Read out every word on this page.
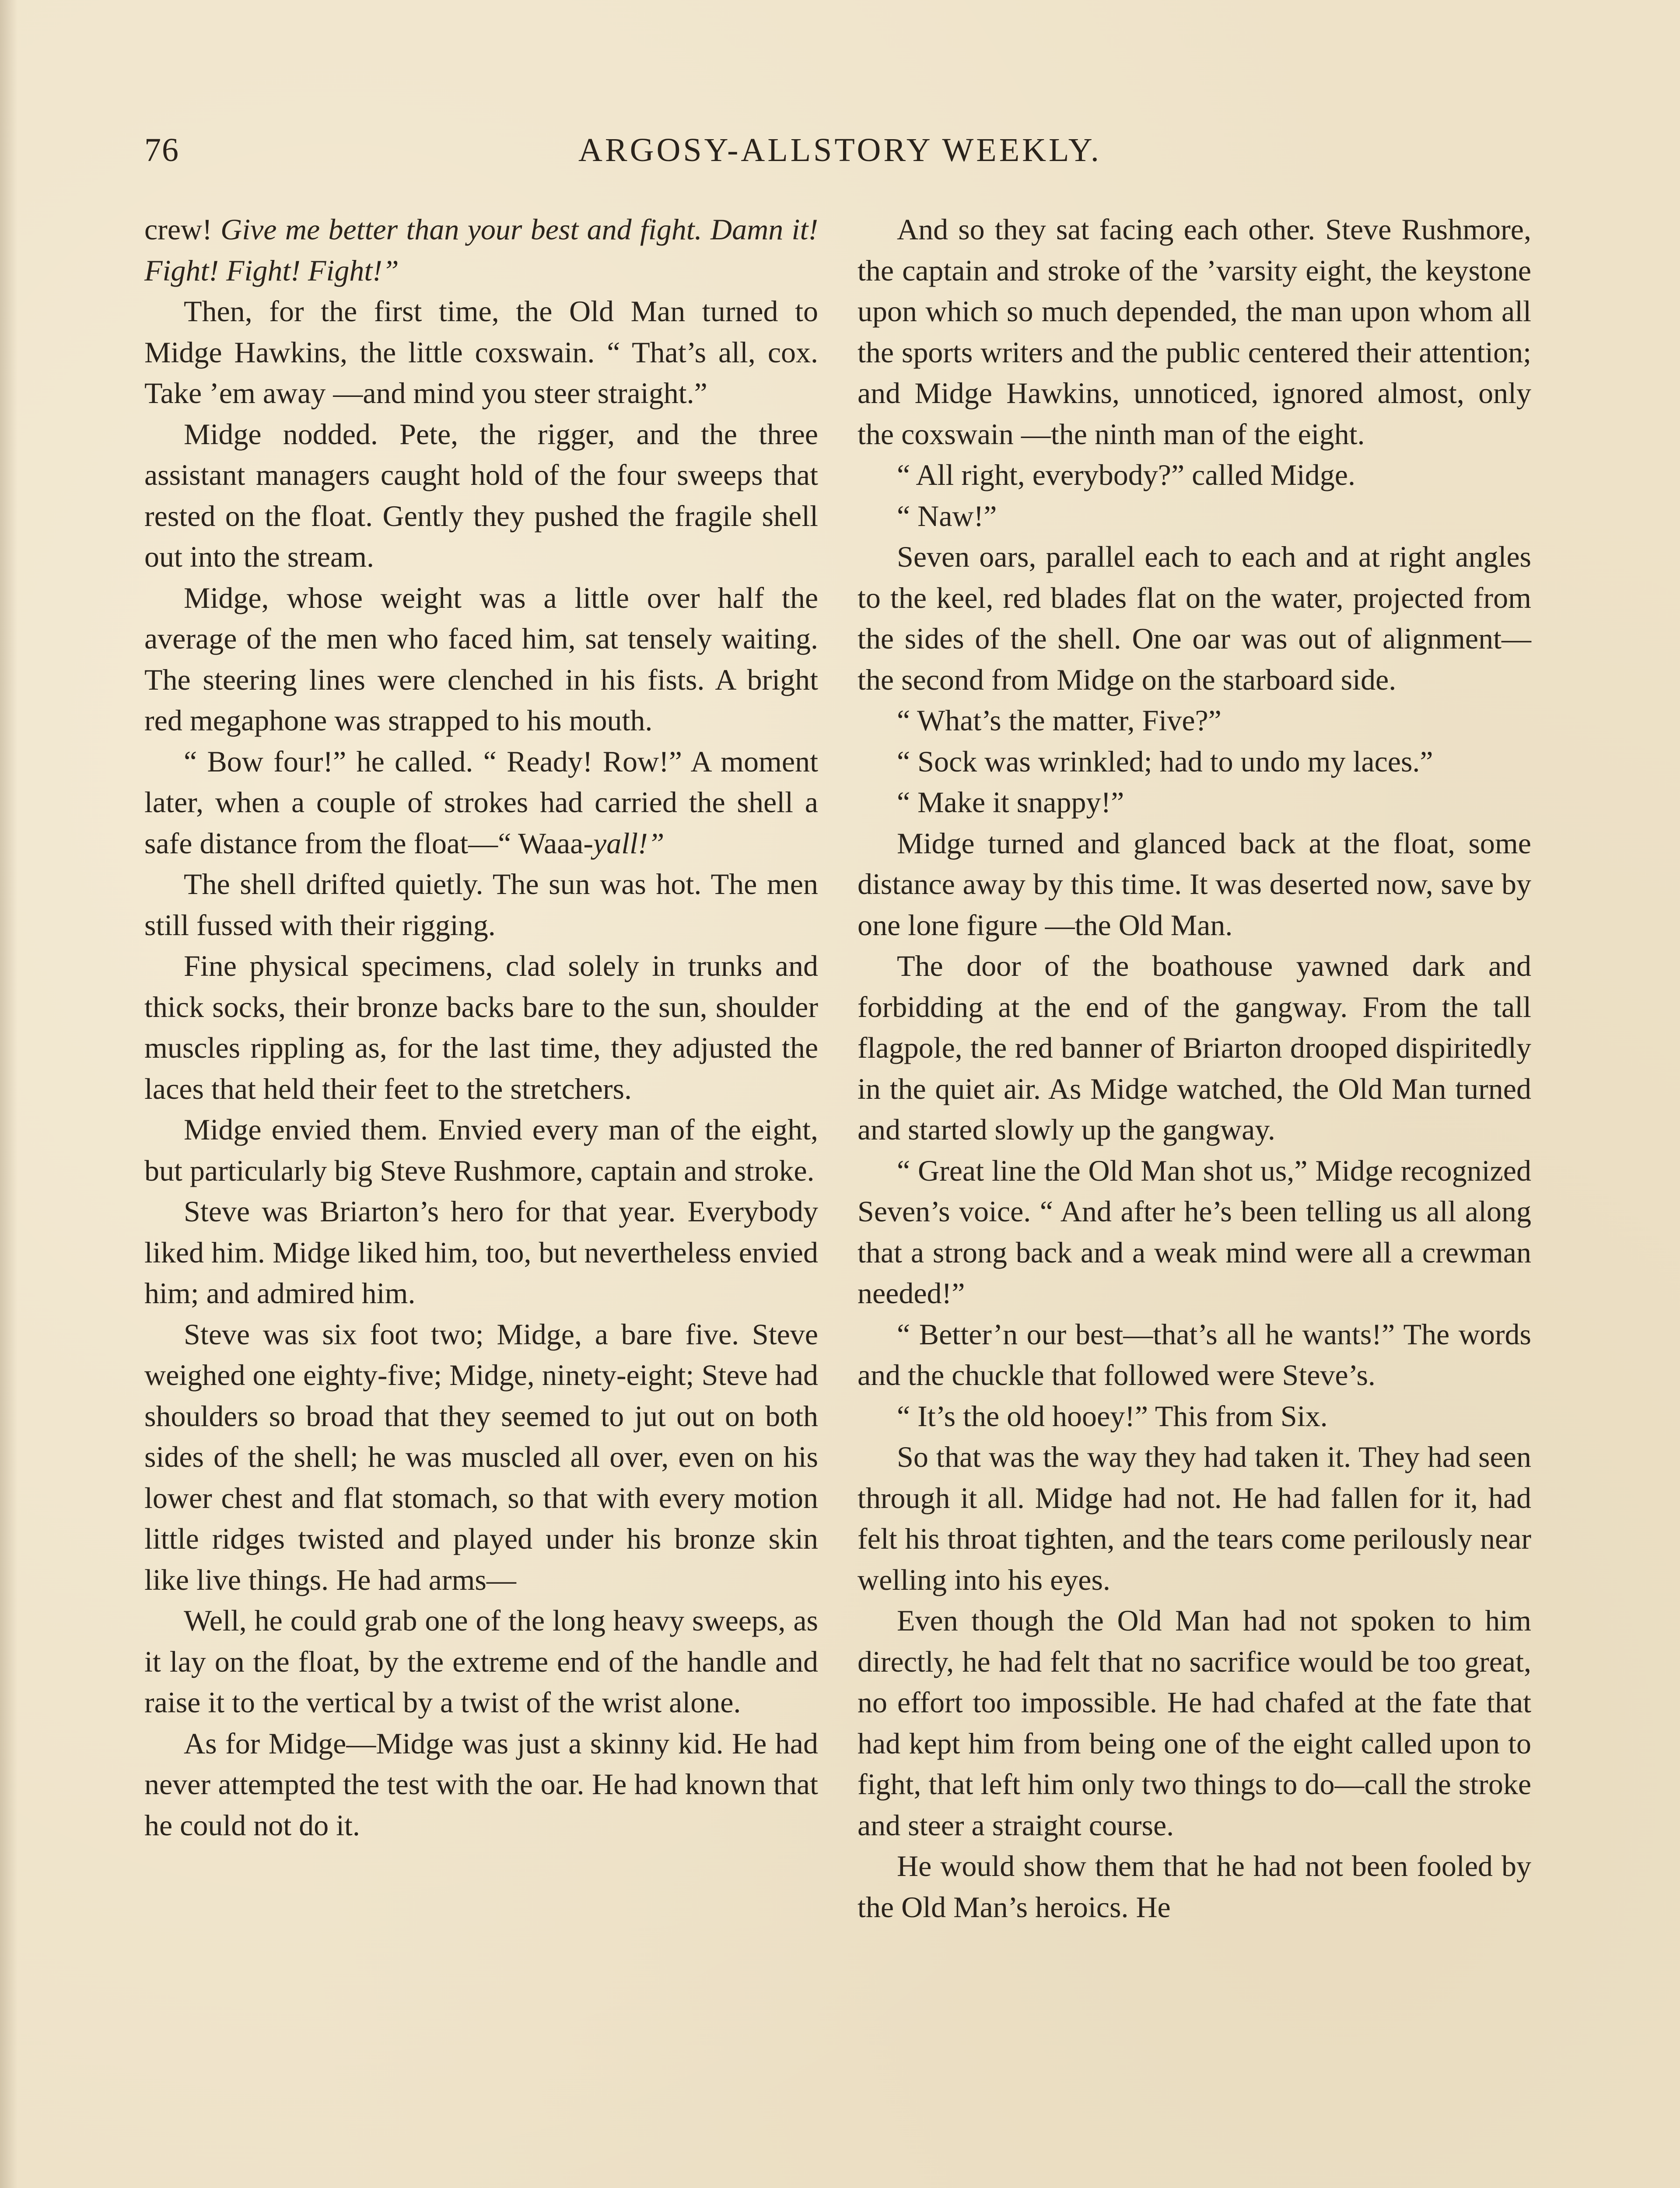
76	ARGOSY-ALLSTORY WEEKLY.

crew! Give me better than your best and fight. Damn it! Fight! Fight! Fight!”

Then, for the first time, the Old Man turned to Midge Hawkins, the little coxswain. “ That’s all, cox. Take ’em away —and mind you steer straight.”

Midge nodded. Pete, the rigger, and the three assistant managers caught hold of the four sweeps that rested on the float. Gently they pushed the fragile shell out into the stream.

Midge, whose weight was a little over half the average of the men who faced him, sat tensely waiting. The steering lines were clenched in his fists. A bright red megaphone was strapped to his mouth.

“ Bow four!” he called. “ Ready! Row!” A moment later, when a couple of strokes had carried the shell a safe distance from the float—“ Waaa-yall!”

The shell drifted quietly. The sun was hot. The men still fussed with their rigging.

Fine physical specimens, clad solely in trunks and thick socks, their bronze backs bare to the sun, shoulder muscles rippling as, for the last time, they adjusted the laces that held their feet to the stretchers.

Midge envied them. Envied every man of the eight, but particularly big Steve Rushmore, captain and stroke.

Steve was Briarton’s hero for that year. Everybody liked him. Midge liked him, too, but nevertheless envied him; and admired him.

Steve was six foot two; Midge, a bare five. Steve weighed one eighty-five; Midge, ninety-eight; Steve had shoulders so broad that they seemed to jut out on both sides of the shell; he was muscled all over, even on his lower chest and flat stomach, so that with every motion little ridges twisted and played under his bronze skin like live things. He had arms—

Well, he could grab one of the long heavy sweeps, as it lay on the float, by the extreme end of the handle and raise it to the vertical by a twist of the wrist alone.

As for Midge—Midge was just a skinny kid. He had never attempted the test with the oar. He had known that he could not do it.

And so they sat facing each other. Steve Rushmore, the captain and stroke of the ’varsity eight, the keystone upon which so much depended, the man upon whom all the sports writers and the public centered their attention; and Midge Hawkins, unnoticed, ignored almost, only the coxswain —the ninth man of the eight.

“ All right, everybody?” called Midge.

“ Naw!”

Seven oars, parallel each to each and at right angles to the keel, red blades flat on the water, projected from the sides of the shell. One oar was out of alignment—the second from Midge on the starboard side.

“ What’s the matter, Five?”

“ Sock was wrinkled; had to undo my laces.”

“ Make it snappy!”

Midge turned and glanced back at the float, some distance away by this time. It was deserted now, save by one lone figure —the Old Man.

The door of the boathouse yawned dark and forbidding at the end of the gangway. From the tall flagpole, the red banner of Briarton drooped dispiritedly in the quiet air. As Midge watched, the Old Man turned and started slowly up the gangway.

“ Great line the Old Man shot us,” Midge recognized Seven’s voice. “ And after he’s been telling us all along that a strong back and a weak mind were all a crewman needed!”

“ Better’n our best—that’s all he wants!” The words and the chuckle that followed were Steve’s.

“ It’s the old hooey!” This from Six.

So that was the way they had taken it. They had seen through it all. Midge had not. He had fallen for it, had felt his throat tighten, and the tears come perilously near welling into his eyes.

Even though the Old Man had not spoken to him directly, he had felt that no sacrifice would be too great, no effort too impossible. He had chafed at the fate that had kept him from being one of the eight called upon to fight, that left him only two things to do—call the stroke and steer a straight course.

He would show them that he had not been fooled by the Old Man’s heroics. He
